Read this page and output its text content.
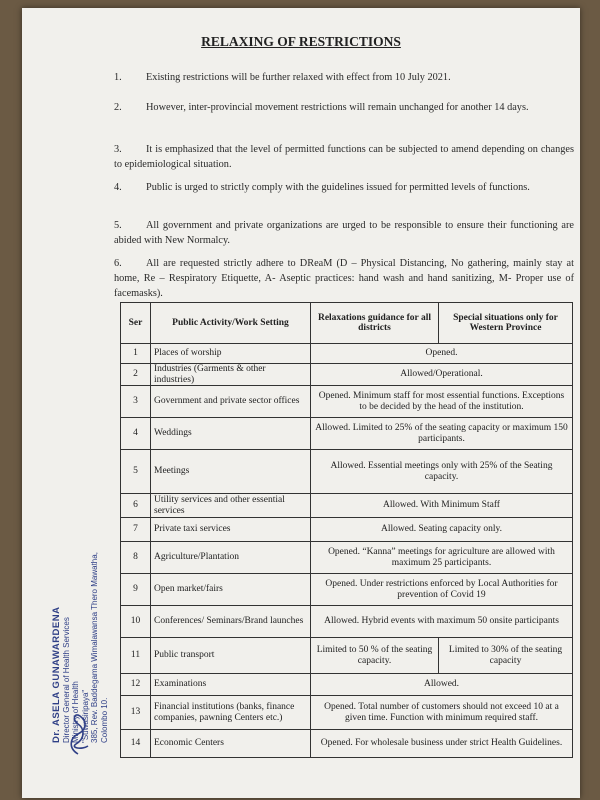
RELAXING OF RESTRICTIONS
1. Existing restrictions will be further relaxed with effect from 10 July 2021.
2. However, inter-provincial movement restrictions will remain unchanged for another 14 days.
3. It is emphasized that the level of permitted functions can be subjected to amend depending on changes to epidemiological situation.
4. Public is urged to strictly comply with the guidelines issued for permitted levels of functions.
5. All government and private organizations are urged to be responsible to ensure their functioning are abided with New Normalcy.
6. All are requested strictly adhere to DReaM (D – Physical Distancing, No gathering, mainly stay at home, Re – Respiratory Etiquette, A- Aseptic practices: hand wash and hand sanitizing, M- Proper use of facemasks).
Ser	Public Activity/Work Setting	Relaxations guidance for all districts	Special situations only for Western Province
1	Places of worship	Opened.	
2	Industries (Garments & other industries)	Allowed/Operational.	
3	Government and private sector offices	Opened. Minimum staff for most essential functions. Exceptions to be decided by the head of the institution.	
4	Weddings	Allowed. Limited to 25% of the seating capacity or maximum 150 participants.	
5	Meetings	Allowed. Essential meetings only with 25% of the Seating capacity.	
6	Utility services and other essential services	Allowed. With Minimum Staff	
7	Private taxi services	Allowed. Seating capacity only.	
8	Agriculture/Plantation	Opened. “Kanna” meetings for agriculture are allowed with maximum 25 participants.	
9	Open market/fairs	Opened. Under restrictions enforced by Local Authorities for prevention of Covid 19	
10	Conferences/ Seminars/Brand launches	Allowed. Hybrid events with maximum 50 onsite participants	
11	Public transport	Limited to 50 % of the seating capacity.	Limited to 30% of the seating capacity
12	Examinations	Allowed.	
13	Financial institutions (banks, finance companies, pawning Centers etc.)	Opened. Total number of customers should not exceed 10 at a given time. Function with minimum required staff.	
14	Economic Centers	Opened. For wholesale business under strict Health Guidelines.	
Dr. ASELA GUNAWARDENA Director General of Health Services Ministry of Health "Suwasiripaya" 385, Rev. Baddegama Wimalawansa Thero Mawatha, Colombo 10.
